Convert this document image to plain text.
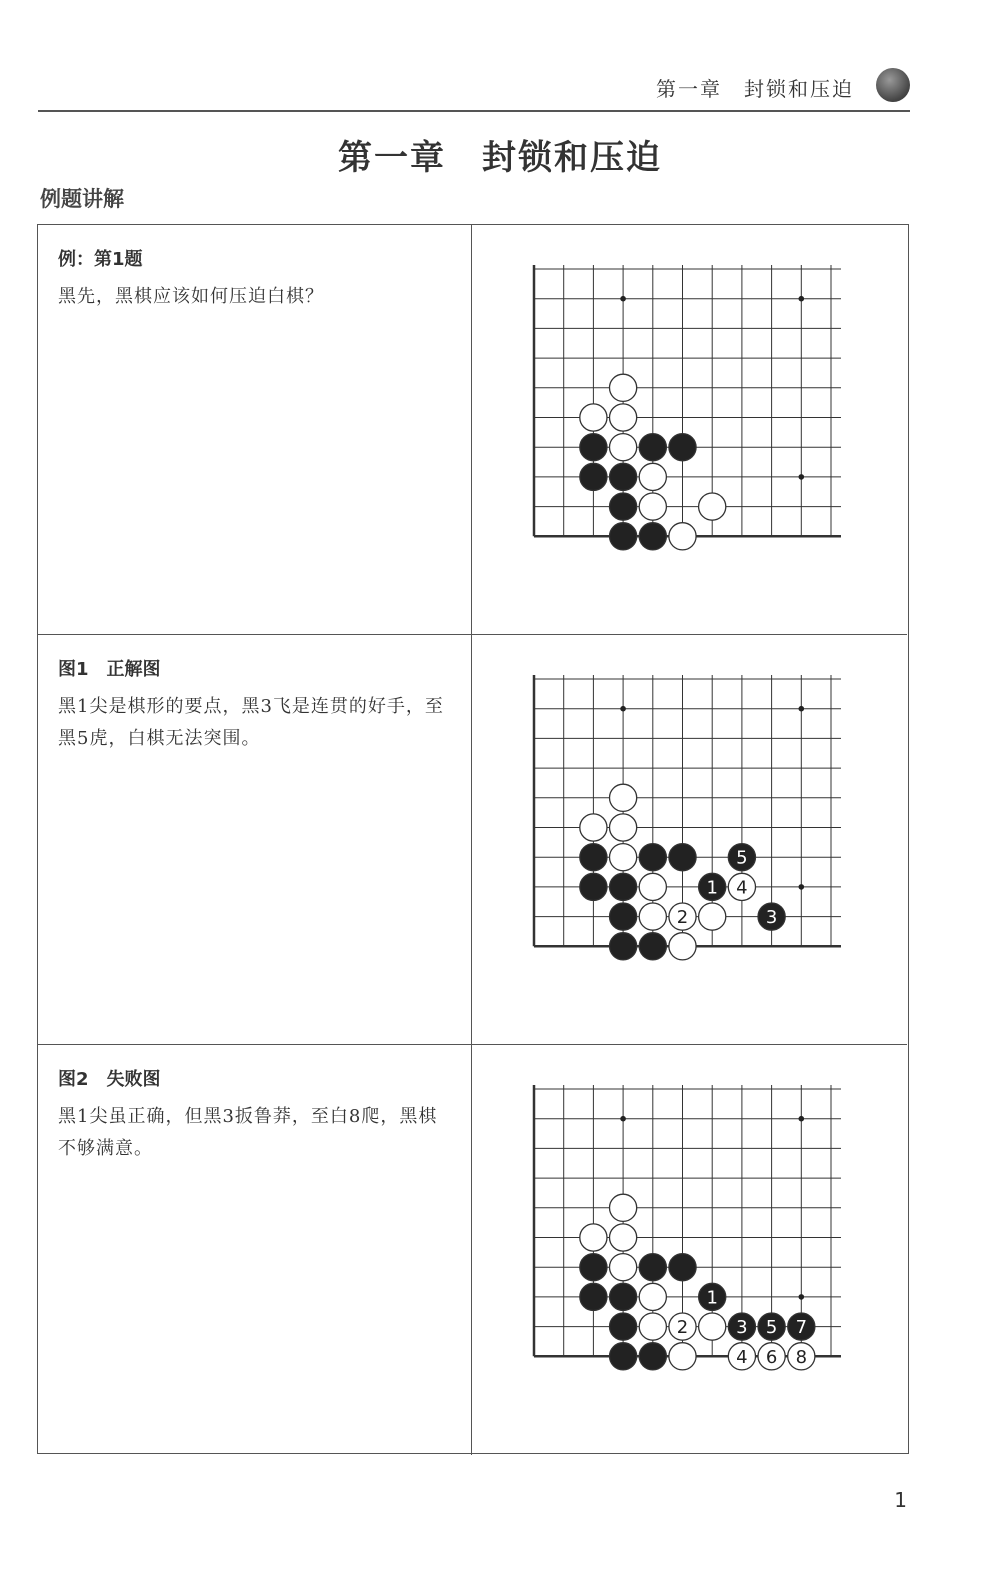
第一章　封锁和压迫
第一章　封锁和压迫
例题讲解
例：第1题
黑先，黑棋应该如何压迫白棋？
图1　正解图
黑1尖是棋形的要点，黑3飞是连贯的好手，至黑5虎，白棋无法突围。
5
1 4
2	3
图2　失败图
黑1尖虽正确，但黑3扳鲁莽，至白8爬，黑棋不够满意。
1
2	3 5 7
4 6 8
1
